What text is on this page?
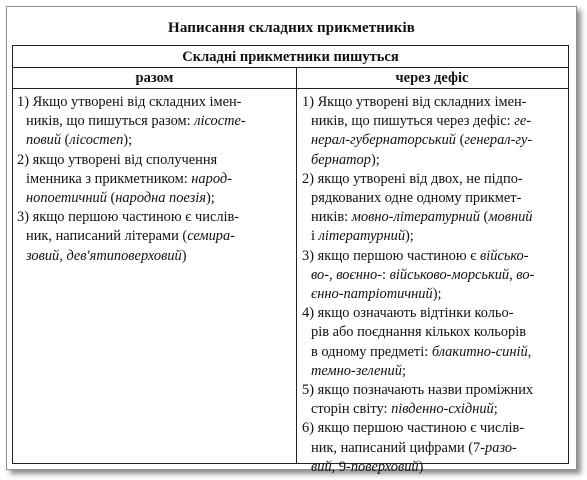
Написання складних прикметників
Складні прикметники пишуться
разом	через дефіс
1) Якщо утворені від складних імен-
ників, що пишуться разом: лісосте-
повий (лісостеп);
2) якщо утворені від сполучення
іменника з прикметником: народ-
нопоетичний (народна поезія);
3) якщо першою частиною є числів-
ник, написаний літерами (семира-
зовий, дев'ятиповерховий)
1) Якщо утворені від складних імен-
ників, що пишуться через дефіс: ге-
нерал-губернаторський (генерал-гу-
бернатор);
2) якщо утворені від двох, не підпо-
рядкованих одне одному прикмет-
ників: мовно-літературний (мовний
і літературний);
3) якщо першою частиною є військо-
во-, воєнно-: військово-морський, во-
єнно-патріотичний);
4) якщо означають відтінки кольо-
рів або поєднання кількох кольорів
в одному предметі: блакитно-синій,
темно-зелений;
5) якщо позначають назви проміжних
сторін світу: південно-східний;
6) якщо першою частиною є числів-
ник, написаний цифрами (7-разо-
вий, 9-поверховий)
